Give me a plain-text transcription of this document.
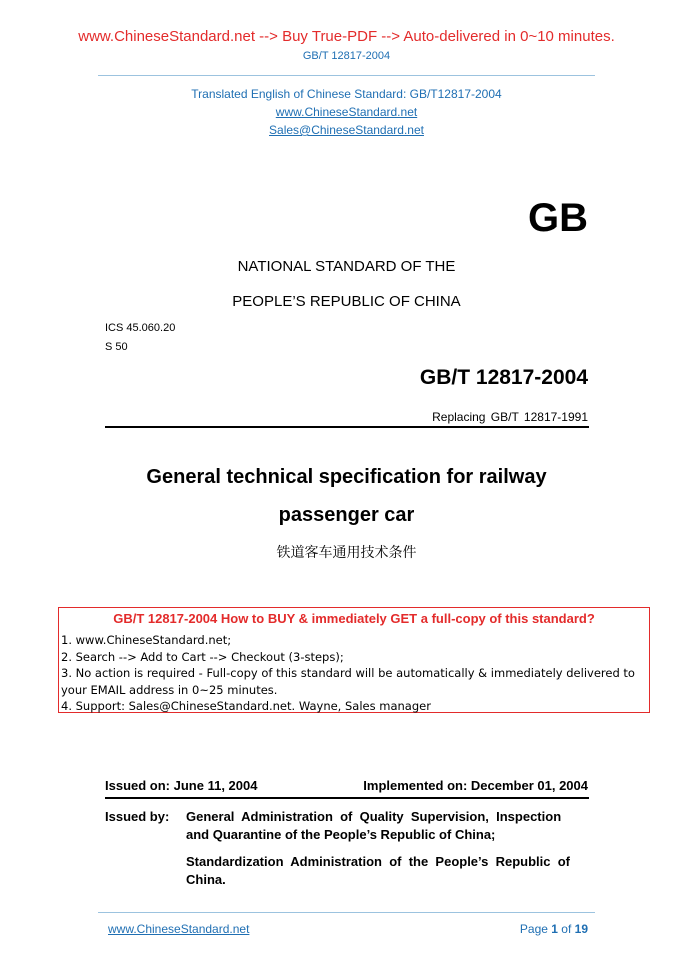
www.ChineseStandard.net --> Buy True-PDF --> Auto-delivered in 0~10 minutes.
GB/T 12817-2004
Translated English of Chinese Standard: GB/T12817-2004
www.ChineseStandard.net
Sales@ChineseStandard.net
GB
NATIONAL STANDARD OF THE
PEOPLE’S REPUBLIC OF CHINA
ICS 45.060.20
S 50
GB/T 12817-2004
Replacing GB/T 12817-1991
General technical specification for railway
passenger car
铁道客车通用技术条件
GB/T 12817-2004 How to BUY & immediately GET a full-copy of this standard?
1. www.ChineseStandard.net;
2. Search --> Add to Cart --> Checkout (3-steps);
3. No action is required - Full-copy of this standard will be automatically & immediately delivered to
your EMAIL address in 0~25 minutes.
4. Support: Sales@ChineseStandard.net. Wayne, Sales manager
Issued on: June 11, 2004	Implemented on: December 01, 2004
Issued by: General  Administration  of  Quality  Supervision,  Inspection
and Quarantine of the People’s Republic of China;
Standardization  Administration  of  the  People’s  Republic  of
China.
www.ChineseStandard.net	Page 1 of 19
